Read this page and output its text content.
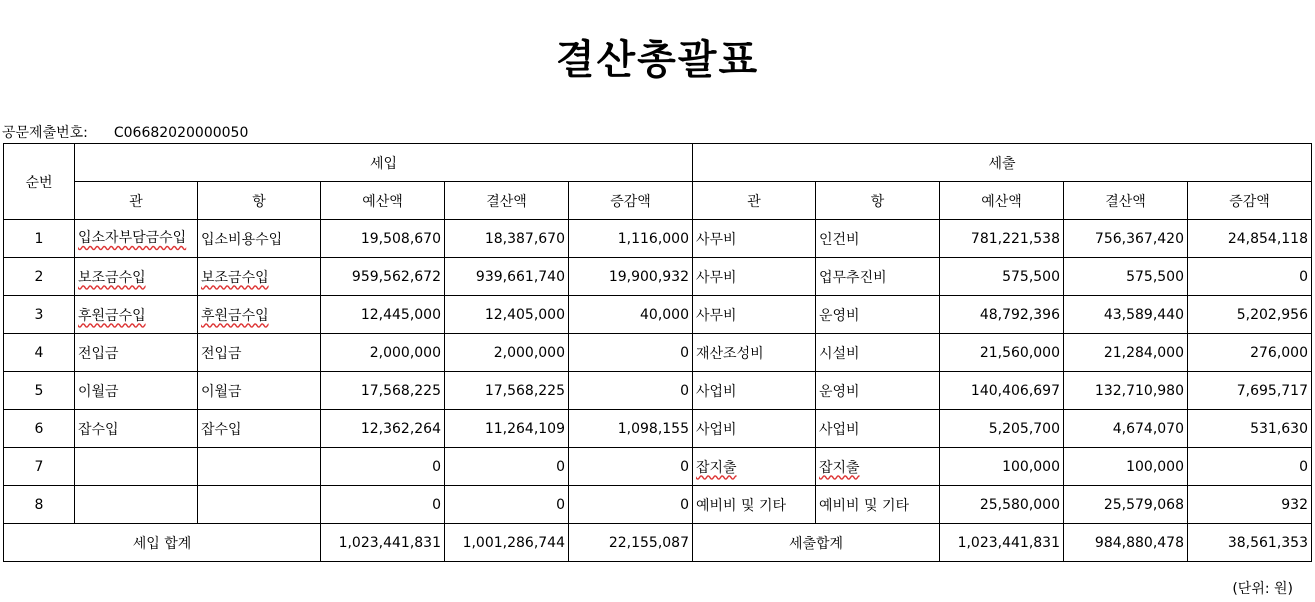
결산총괄표
공문제출번호: C06682020000050
순번	세입					세출				
	관	항	예산액	결산액	증감액	관	항	예산액	결산액	증감액
1	입소자부담금수입	입소비용수입	19,508,670	18,387,670	1,116,000	사무비	인건비	781,221,538	756,367,420	24,854,118
2	보조금수입	보조금수입	959,562,672	939,661,740	19,900,932	사무비	업무추진비	575,500	575,500	0
3	후원금수입	후원금수입	12,445,000	12,405,000	40,000	사무비	운영비	48,792,396	43,589,440	5,202,956
4	전입금	전입금	2,000,000	2,000,000	0	재산조성비	시설비	21,560,000	21,284,000	276,000
5	이월금	이월금	17,568,225	17,568,225	0	사업비	운영비	140,406,697	132,710,980	7,695,717
6	잡수입	잡수입	12,362,264	11,264,109	1,098,155	사업비	사업비	5,205,700	4,674,070	531,630
7			0	0	0	잡지출	잡지출	100,000	100,000	0
8			0	0	0	예비비 및 기타	예비비 및 기타	25,580,000	25,579,068	932
세입 합계			1,023,441,831	1,001,286,744	22,155,087	세출합계		1,023,441,831	984,880,478	38,561,353
(단위: 원)
